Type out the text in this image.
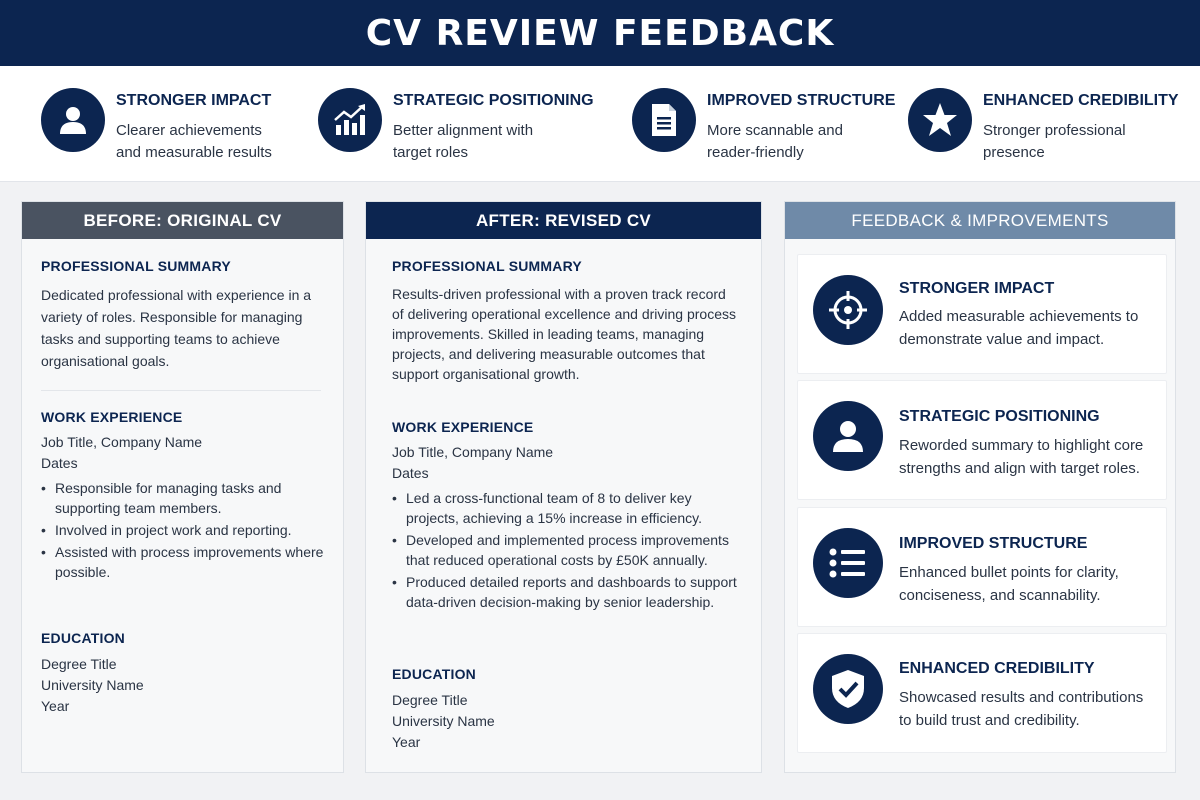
CV REVIEW FEEDBACK
STRONGER IMPACT
Clearer achievements and measurable results
STRATEGIC POSITIONING
Better alignment with target roles
IMPROVED STRUCTURE
More scannable and reader-friendly
ENHANCED CREDIBILITY
Stronger professional presence
BEFORE: ORIGINAL CV
PROFESSIONAL SUMMARY
Dedicated professional with experience in a variety of roles. Responsible for managing tasks and supporting teams to achieve organisational goals.
WORK EXPERIENCE
Job Title, Company Name
Dates
• Responsible for managing tasks and supporting team members.
• Involved in project work and reporting.
• Assisted with process improvements where possible.
EDUCATION
Degree Title
University Name
Year
AFTER: REVISED CV
PROFESSIONAL SUMMARY
Results-driven professional with a proven track record of delivering operational excellence and driving process improvements. Skilled in leading teams, managing projects, and delivering measurable outcomes that support organisational growth.
WORK EXPERIENCE
Job Title, Company Name
Dates
• Led a cross-functional team of 8 to deliver key projects, achieving a 15% increase in efficiency.
• Developed and implemented process improvements that reduced operational costs by £50K annually.
• Produced detailed reports and dashboards to support data-driven decision-making by senior leadership.
EDUCATION
Degree Title
University Name
Year
FEEDBACK & IMPROVEMENTS
STRONGER IMPACT
Added measurable achievements to demonstrate value and impact.
STRATEGIC POSITIONING
Reworded summary to highlight core strengths and align with target roles.
IMPROVED STRUCTURE
Enhanced bullet points for clarity, conciseness, and scannability.
ENHANCED CREDIBILITY
Showcased results and contributions to build trust and credibility.
